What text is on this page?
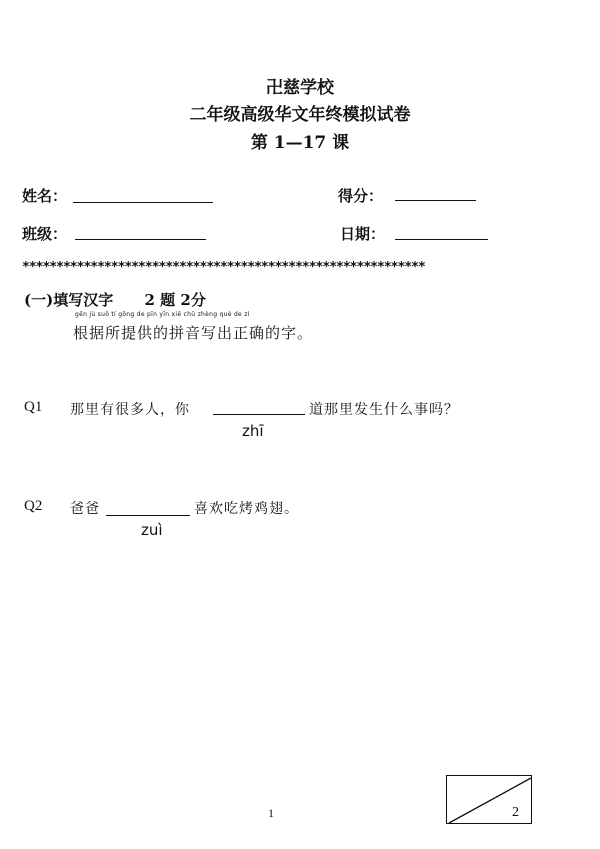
卍慈学校
二年级高级华文年终模拟试卷
第 1—17 课
姓名：	得分：
班级：	日期：
***********************************************************
(一)填写汉字      2 题 2分
gēn jù suǒ tí gōng de pīn yīn xiě chū zhèng què de zì
根据所提供的拼音写出正确的字。
Q1 那里有很多人，你	道那里发生什么事吗？
zhī
Q2 爸爸	喜欢吃烤鸡翅。
zuì
1	2
